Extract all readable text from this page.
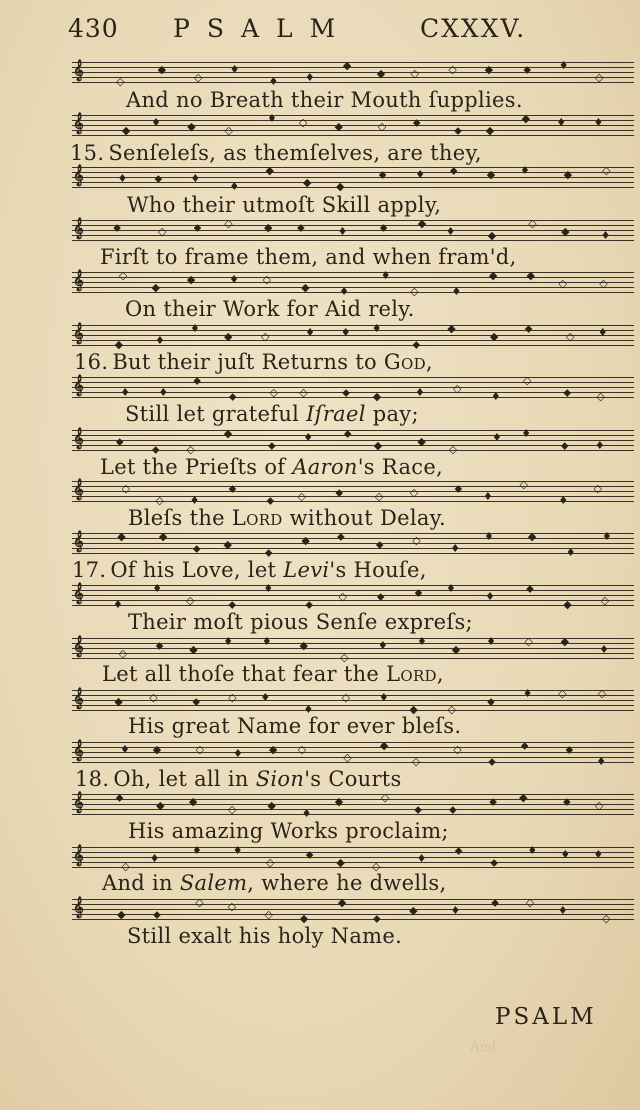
430 PSALM	CXXXV.
𝄞
◇
◆
◇
♦
♦ ♦
◆
◆ ◇	◇	◆	⬥	♦
◇
𝄞	◆
♦ ◆	◇
♦ ◇ ◆	◇ ⬥
⬥ ◆
◆ ♦ ♦
𝄞	♦ ⬥	♦
♦
◆
◆ ◆
⬥	♦ ⬥	◆ ♦	◆	◇
𝄞	⬥	◇ ⬥ ◇	◆ ⬥	♦	⬥	◆
♦	◆
◇
◆	♦
𝄞	◇
◆
◆	♦ ◇
◆	♦
♦
◇	♦
◆	◆
◇	◇
𝄞
◆	♦
♦
◆	◇	♦ ♦ ♦
⬥
◆
◆
⬥
◇ ♦
𝄞	♦	♦
⬥
⬥	◇ ◇	⬥ ◆	♦	◇
♦
◇
⬥ ◇
𝄞	⬥
⬥ ◇
◆
⬥
♦	⬥
◆	◆
◇
♦ ♦
⬥ ♦
𝄞	◇
◇ ♦
⬥
⬥ ◇	⬥	◇ ◇	⬥
♦
◇
♦
◇
𝄞	◆	◆
⬥ ◆
⬥
◆ ⬥
⬥	◇
♦
♦	◆
♦
♦
𝄞
♦
♦
◇	⬥
♦
⬥
◇	⬥	⬥ ♦
♦
⬥
◆	◇
𝄞	◇
⬥ ◆
♦	♦	◆
◇
♦	♦
◆
♦	◇	◆
♦
𝄞	◆ ◇	⬥	◇ ♦
♦
◇	♦
◆	◇
⬥
♦ ◇	◇
𝄞	♦ ◆	◇	♦ ◆ ◇
◇
◆
◇
◇
⬥
⬥	⬥
♦
𝄞	⬥
◆ ◆
◇	◆
♦
◆	◇
⬥ ⬥
⬥ ◆	⬥ ◇
𝄞
◇
♦
♦	♦
◇
⬥
◆ ◇
♦
⬥
⬥
♦ ♦ ♦
𝄞	◆	⬥
◇ ◇
◇ ◆
◆
⬥
◆	♦
⬥ ◇
♦
◇
And no Breath their Mouth ſupplies.
15. Senſeleſs, as themſelves, are they,
Who their utmoſt Skill apply,
Firſt to frame them, and when fram'd,
On their Work for Aid rely.
16. But their juſt Returns to God,
Still let grateful Iſrael pay;
Let the Prieſts of Aaron's Race,
Bleſs the Lord without Delay.
17. Of his Love, let Levi's Houſe,
Their moſt pious Senſe expreſs;
Let all thoſe that fear the Lord,
His great Name for ever bleſs.
18. Oh, let all in Sion's Courts
His amazing Works proclaim;
And in Salem, where he dwells,
Still exalt his holy Name.
PSALM
And
